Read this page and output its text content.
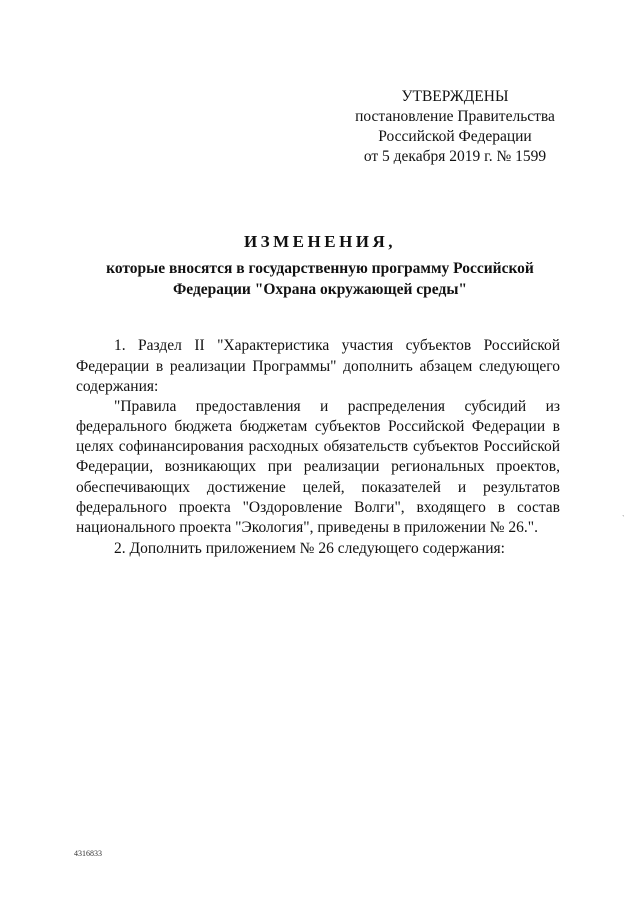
УТВЕРЖДЕНЫ
постановление Правительства
Российской Федерации
от 5 декабря 2019 г. № 1599
ИЗМЕНЕНИЯ,
которые вносятся в государственную программу Российской
Федерации "Охрана окружающей среды"
1. Раздел II "Характеристика участия субъектов Российской
Федерации в реализации Программы" дополнить абзацем следующего
содержания:
"Правила предоставления и распределения субсидий из
федерального бюджета бюджетам субъектов Российской Федерации в
целях софинансирования расходных обязательств субъектов Российской
Федерации, возникающих при реализации региональных проектов,
обеспечивающих достижение целей, показателей и результатов
федерального проекта "Оздоровление Волги", входящего в состав
национального проекта "Экология", приведены в приложении № 26.".
2. Дополнить приложением № 26 следующего содержания:
`
4316833
